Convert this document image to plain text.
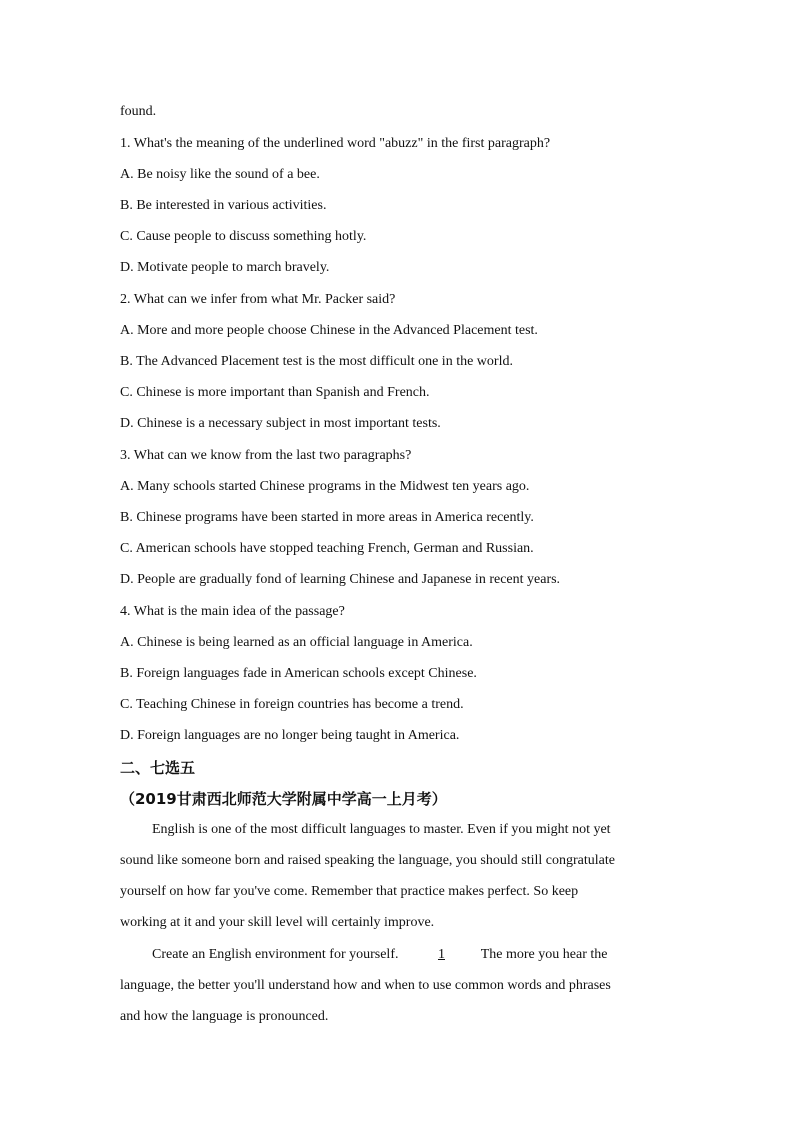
found.
1. What's the meaning of the underlined word "abuzz" in the first paragraph?
A. Be noisy like the sound of a bee.
B. Be interested in various activities.
C. Cause people to discuss something hotly.
D. Motivate people to march bravely.
2. What can we infer from what Mr. Packer said?
A. More and more people choose Chinese in the Advanced Placement test.
B. The Advanced Placement test is the most difficult one in the world.
C. Chinese is more important than Spanish and French.
D. Chinese is a necessary subject in most important tests.
3. What can we know from the last two paragraphs?
A. Many schools started Chinese programs in the Midwest ten years ago.
B. Chinese programs have been started in more areas in America recently.
C. American schools have stopped teaching French, German and Russian.
D. People are gradually fond of learning Chinese and Japanese in recent years.
4. What is the main idea of the passage?
A. Chinese is being learned as an official language in America.
B. Foreign languages fade in American schools except Chinese.
C. Teaching Chinese in foreign countries has become a trend.
D. Foreign languages are no longer being taught in America.
二、七选五
（2019甘肃西北师范大学附属中学高一上月考）
English is one of the most difficult languages to master. Even if you might not yet
sound like someone born and raised speaking the language, you should still congratulate
yourself on how far you've come. Remember that practice makes perfect. So keep
working at it and your skill level will certainly improve.
Create an English environment for yourself.	1	The more you hear the
language, the better you'll understand how and when to use common words and phrases
and how the language is pronounced.
